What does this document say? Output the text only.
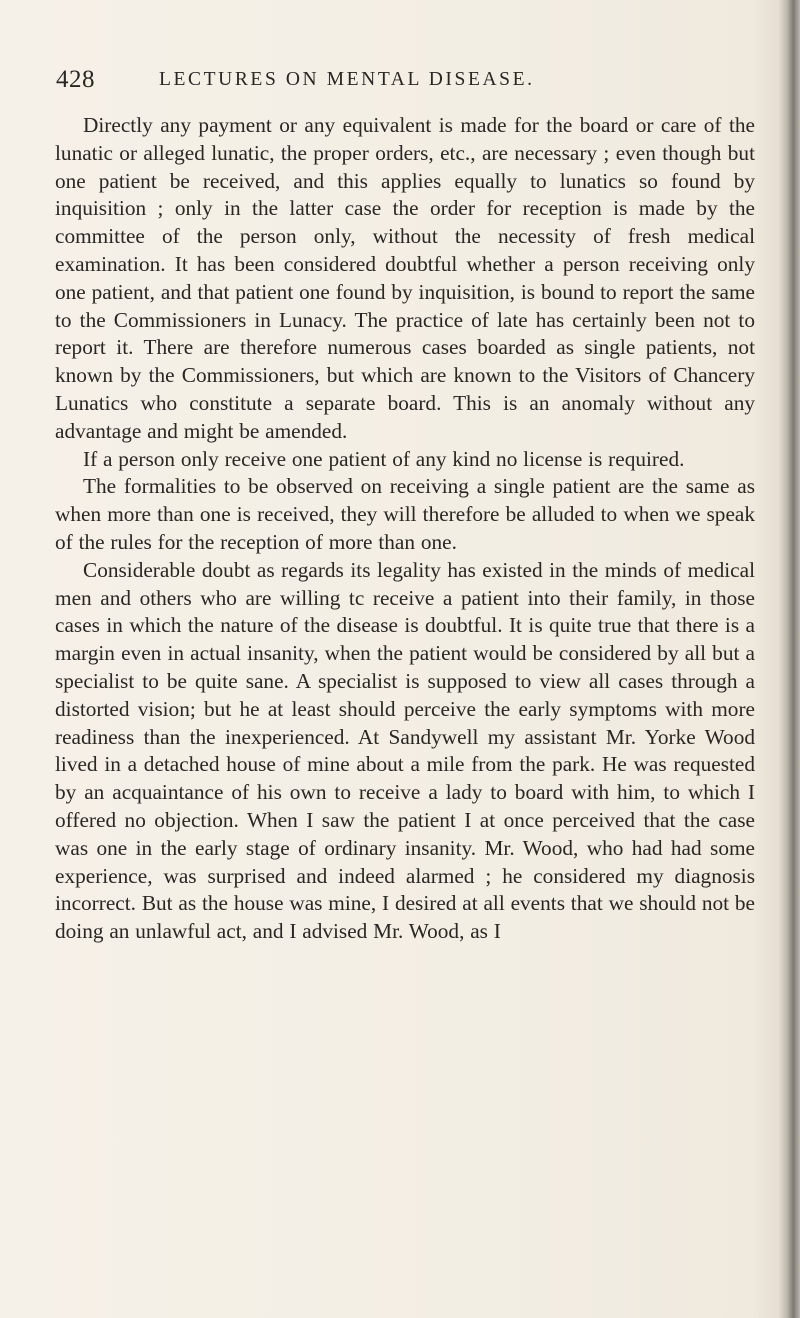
428	LECTURES ON MENTAL DISEASE.

Directly any payment or any equivalent is made for the board or care of the lunatic or alleged lunatic, the proper orders, etc., are necessary ; even though but one patient be received, and this applies equally to lunatics so found by inquisition ; only in the latter case the order for reception is made by the committee of the person only, without the necessity of fresh medical examination. It has been considered doubtful whether a person receiving only one patient, and that patient one found by inquisition, is bound to report the same to the Commissioners in Lunacy. The practice of late has certainly been not to report it. There are therefore numerous cases boarded as single patients, not known by the Commissioners, but which are known to the Visitors of Chancery Lunatics who constitute a separate board. This is an anomaly without any advantage and might be amended.

If a person only receive one patient of any kind no license is required.

The formalities to be observed on receiving a single patient are the same as when more than one is received, they will therefore be alluded to when we speak of the rules for the reception of more than one.

Considerable doubt as regards its legality has existed in the minds of medical men and others who are willing tc receive a patient into their family, in those cases in which the nature of the disease is doubtful. It is quite true that there is a margin even in actual insanity, when the patient would be considered by all but a specialist to be quite sane. A specialist is supposed to view all cases through a distorted vision; but he at least should perceive the early symptoms with more readiness than the inexperienced. At Sandywell my assistant Mr. Yorke Wood lived in a detached house of mine about a mile from the park. He was requested by an acquaintance of his own to receive a lady to board with him, to which I offered no objection. When I saw the patient I at once perceived that the case was one in the early stage of ordinary insanity. Mr. Wood, who had had some experience, was surprised and indeed alarmed ; he considered my diagnosis incorrect. But as the house was mine, I desired at all events that we should not be doing an unlawful act, and I advised Mr. Wood, as I
